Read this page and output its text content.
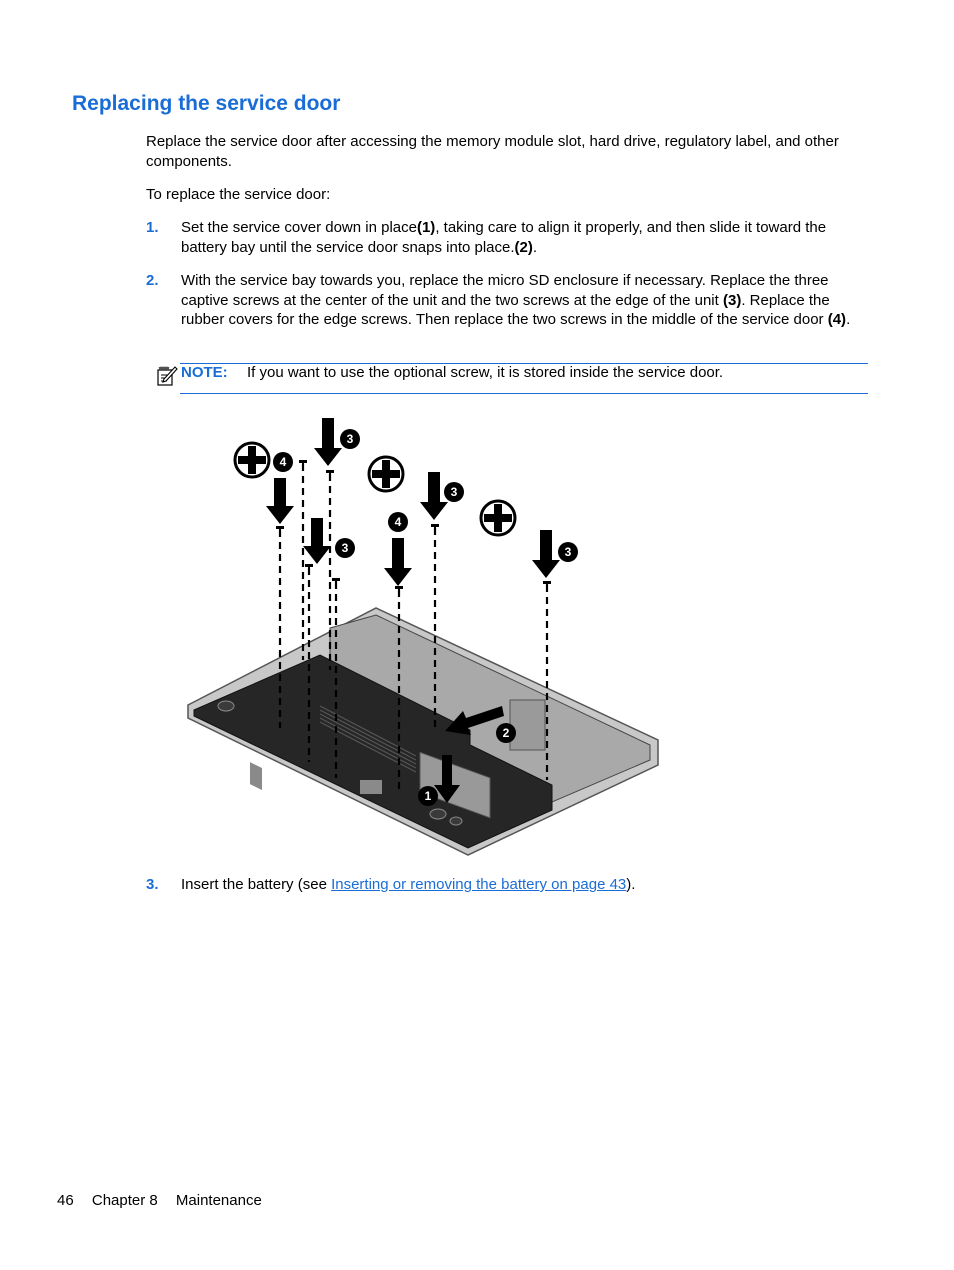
Replacing the service door

Replace the service door after accessing the memory module slot, hard drive, regulatory label, and other components.

To replace the service door:

1. Set the service cover down in place(1), taking care to align it properly, and then slide it toward the battery bay until the service door snaps into place.(2).
2. With the service bay towards you, replace the micro SD enclosure if necessary. Replace the three captive screws at the center of the unit and the two screws at the edge of the unit (3). Replace the rubber covers for the edge screws. Then replace the two screws in the middle of the service door (4).
NOTE: If you want to use the optional screw, it is stored inside the service door.
4
3
3
4
3
3
2
1
3. Insert the battery (see Inserting or removing the battery on page 43).
46 Chapter 8 Maintenance
